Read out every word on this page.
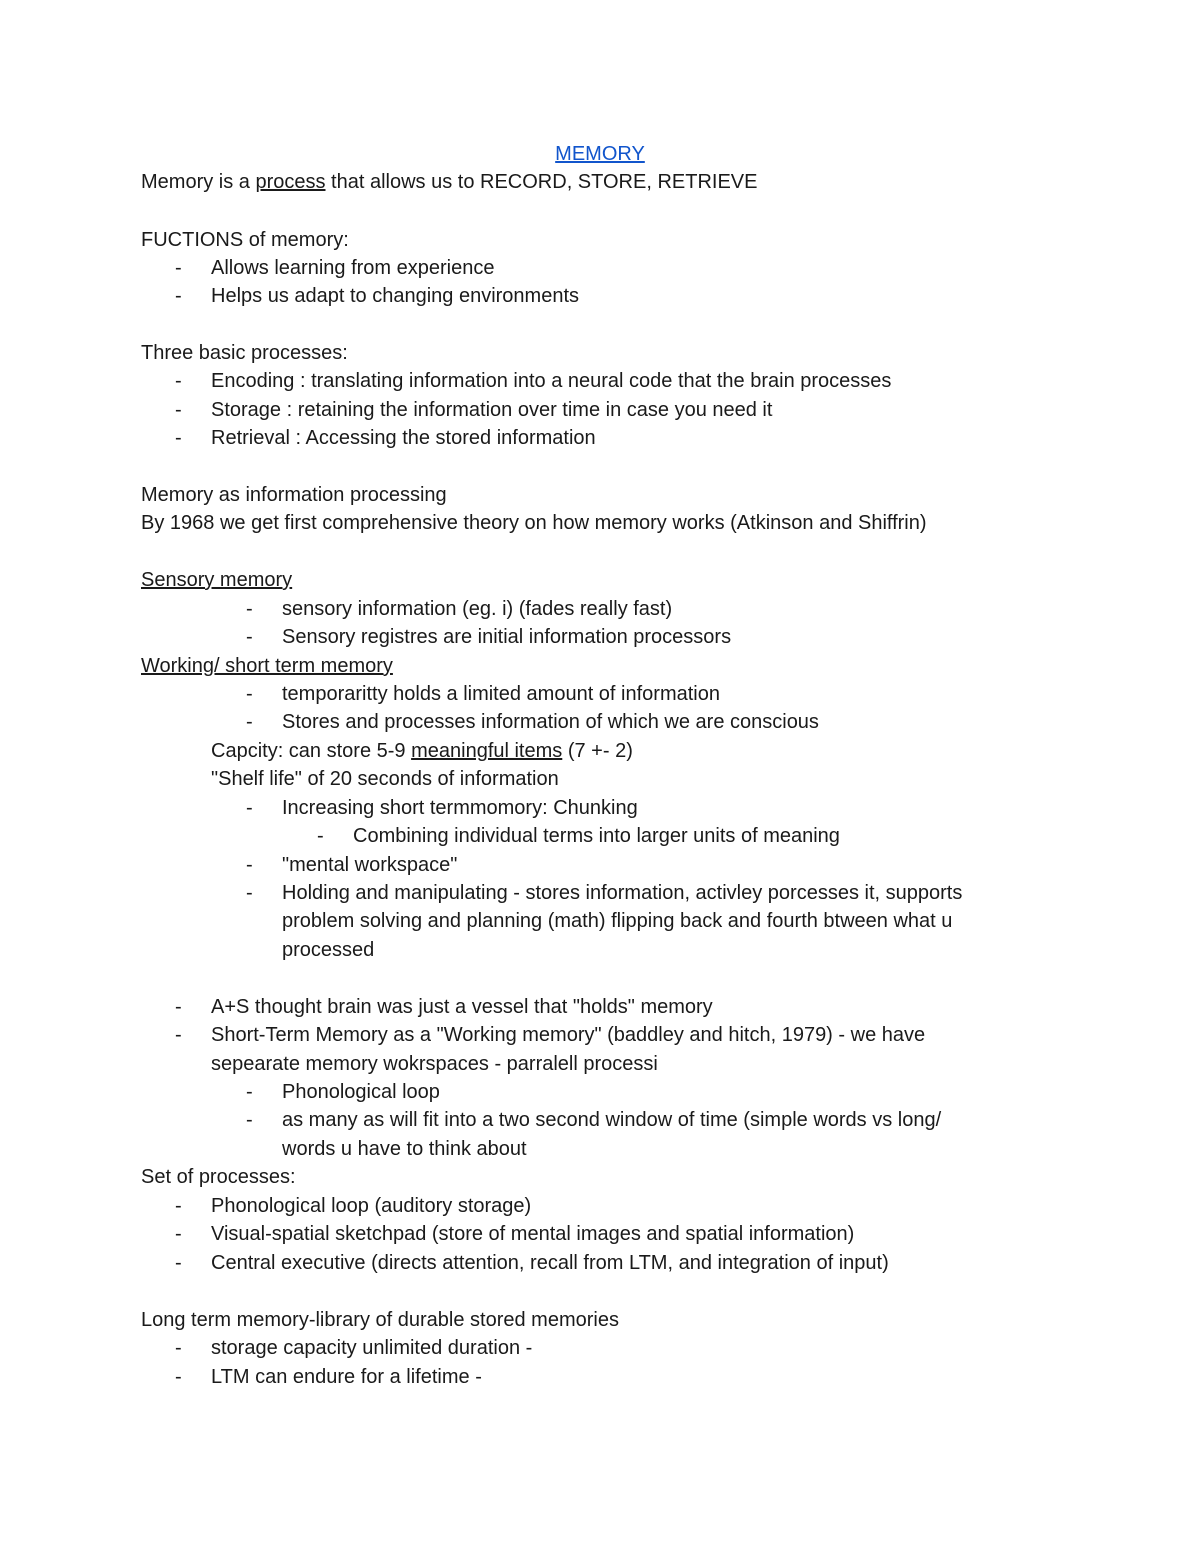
MEMORY
Memory is a process that allows us to RECORD, STORE, RETRIEVE
FUCTIONS of memory:
- Allows learning from experience
- Helps us adapt to changing environments
Three basic processes:
- Encoding : translating information into a neural code that the brain processes
- Storage : retaining the information over time in case you need it
- Retrieval : Accessing the stored information
Memory as information processing
By 1968 we get first comprehensive theory on how memory works (Atkinson and Shiffrin)
Sensory memory
- sensory information (eg. i) (fades really fast)
- Sensory registres are initial information processors
Working/ short term memory
- temporaritty holds a limited amount of information
- Stores and processes information of which we are conscious
Capcity: can store 5-9 meaningful items (7 +- 2)
"Shelf life" of 20 seconds of information
- Increasing short termmomory: Chunking
- Combining individual terms into larger units of meaning
- "mental workspace"
- Holding and manipulating - stores information, activley porcesses it, supports
problem solving and planning (math) flipping back and fourth btween what u
processed
- A+S thought brain was just a vessel that "holds" memory
- Short-Term Memory as a "Working memory" (baddley and hitch, 1979) - we have
sepearate memory wokrspaces - parralell processi
- Phonological loop
- as many as will fit into a two second window of time (simple words vs long/
words u have to think about
Set of processes:
- Phonological loop (auditory storage)
- Visual-spatial sketchpad (store of mental images and spatial information)
- Central executive (directs attention, recall from LTM, and integration of input)
Long term memory-library of durable stored memories
- storage capacity unlimited duration -
- LTM can endure for a lifetime -
